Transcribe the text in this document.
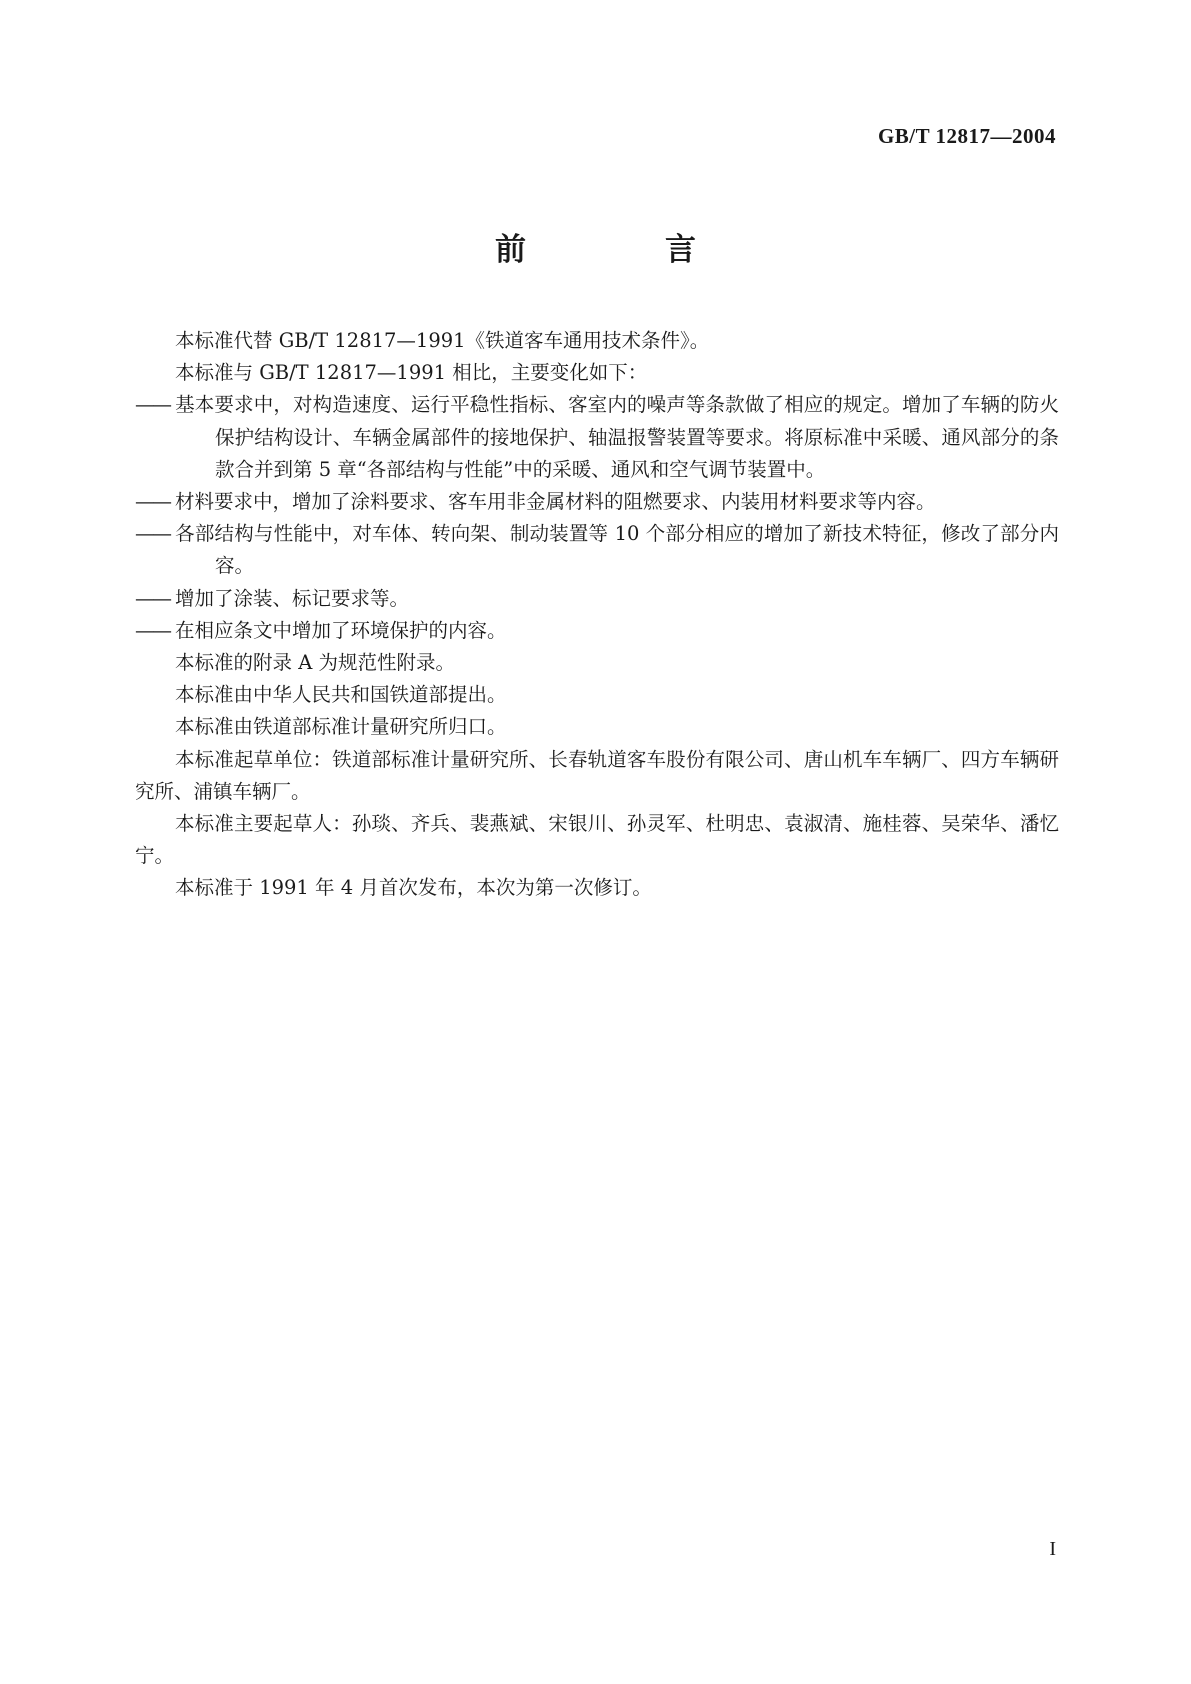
GB/T 12817—2004
前　言

本标准代替 GB/T 12817—1991《铁道客车通用技术条件》。

本标准与 GB/T 12817—1991 相比，主要变化如下：

—— 基本要求中，对构造速度、运行平稳性指标、客室内的噪声等条款做了相应的规定。增加了车辆的防火保护结构设计、车辆金属部件的接地保护、轴温报警装置等要求。将原标准中采暖、通风部分的条款合并到第 5 章“各部结构与性能”中的采暖、通风和空气调节装置中。

—— 材料要求中，增加了涂料要求、客车用非金属材料的阻燃要求、内装用材料要求等内容。

—— 各部结构与性能中，对车体、转向架、制动装置等 10 个部分相应的增加了新技术特征，修改了部分内容。

—— 增加了涂装、标记要求等。

—— 在相应条文中增加了环境保护的内容。

本标准的附录 A 为规范性附录。

本标准由中华人民共和国铁道部提出。

本标准由铁道部标准计量研究所归口。

本标准起草单位：铁道部标准计量研究所、长春轨道客车股份有限公司、唐山机车车辆厂、四方车辆研究所、浦镇车辆厂。

本标准主要起草人：孙琰、齐兵、裴燕斌、宋银川、孙灵军、杜明忠、袁淑清、施桂蓉、吴荣华、潘忆宁。

本标准于 1991 年 4 月首次发布，本次为第一次修订。

I
